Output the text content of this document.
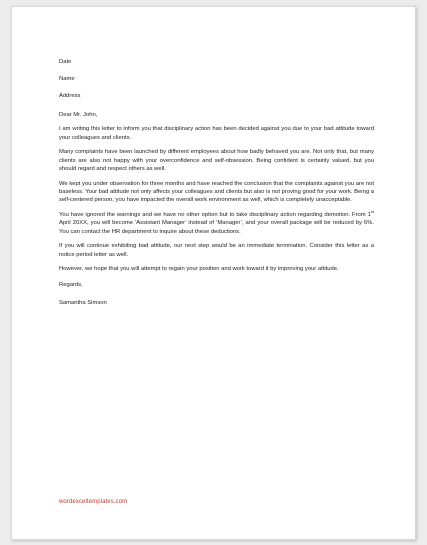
Date

Name

Address

Dear Mr. John,

I am writing this letter to inform you that disciplinary action has been decided against you due to your bad attitude toward your colleagues and clients.

Many complaints have been launched by different employees about how badly behaved you are. Not only that, but many clients are also not happy with your overconfidence and self-obsession. Being confident is certainly valued, but you should regard and respect others as well.

We kept you under observation for three months and have reached the conclusion that the complaints against you are not baseless. Your bad attitude not only affects your colleagues and clients but also is not proving good for your work. Being a self-centered person, you have impacted the overall work environment as well, which is completely unacceptable.

You have ignored the warnings and we have no other option but to take disciplinary action regarding demotion. From 1st April 20XX, you will become ‘Assistant Manager’ instead of ‘Manager’, and your overall package will be reduced by 6%. You can contact the HR department to inquire about these deductions.

If you will continue exhibiting bad attitude, our next step would be an immediate termination. Consider this letter as a notice period letter as well.

However, we hope that you will attempt to regain your position and work toward it by improving your attitude.

Regards,

Samantha Simson

wordexceltemplates.com
